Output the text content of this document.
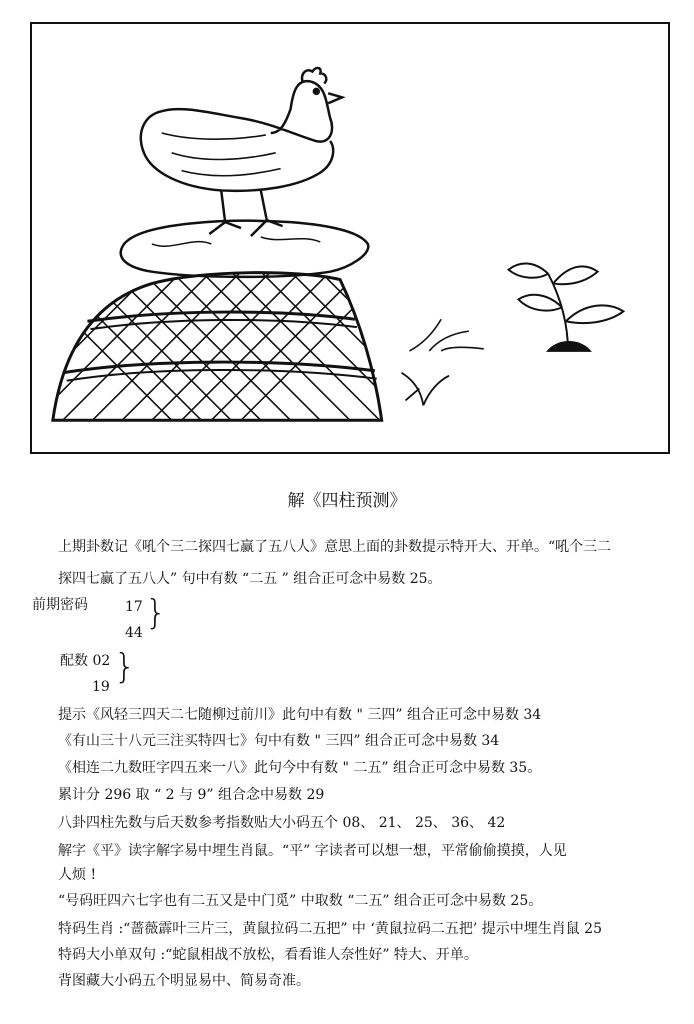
解《四柱预测》
上期卦数记《吼个三二探四七赢了五八人》意思上面的卦数提示特开大、开单。“吼个三二
探四七赢了五八人” 句中有数 “二五 ” 组合正可念中易数 25。
前期密码	17
44 }
配数 02
19 }
提示《风轻三四天二七随柳过前川》此句中有数 " 三四” 组合正可念中易数 34
《有山三十八元三注买特四七》句中有数 " 三四” 组合正可念中易数 34
《相连二九数旺字四五来一八》此句今中有数 " 二五” 组合正可念中易数 35。
累计分 296 取 “ 2 与 9” 组合念中易数 29
八卦四柱先数与后天数参考指数贴大小码五个 08、 21、 25、 36、 42
解字《平》读字解字易中埋生肖鼠。“平” 字读者可以想一想，平常偷偷摸摸，人见
人烦 !
“号码旺四六七字也有二五又是中门觅” 中取数 “二五” 组合正可念中易数 25。
特码生肖 :“蔷薇霹叶三片三，黄鼠拉码二五把” 中 ‘黄鼠拉码二五把’ 提示中埋生肖鼠 25
特码大小单双句 :“蛇鼠相战不放松，看看谁人奈性好” 特大、开单。
背图藏大小码五个明显易中、简易奇准。
